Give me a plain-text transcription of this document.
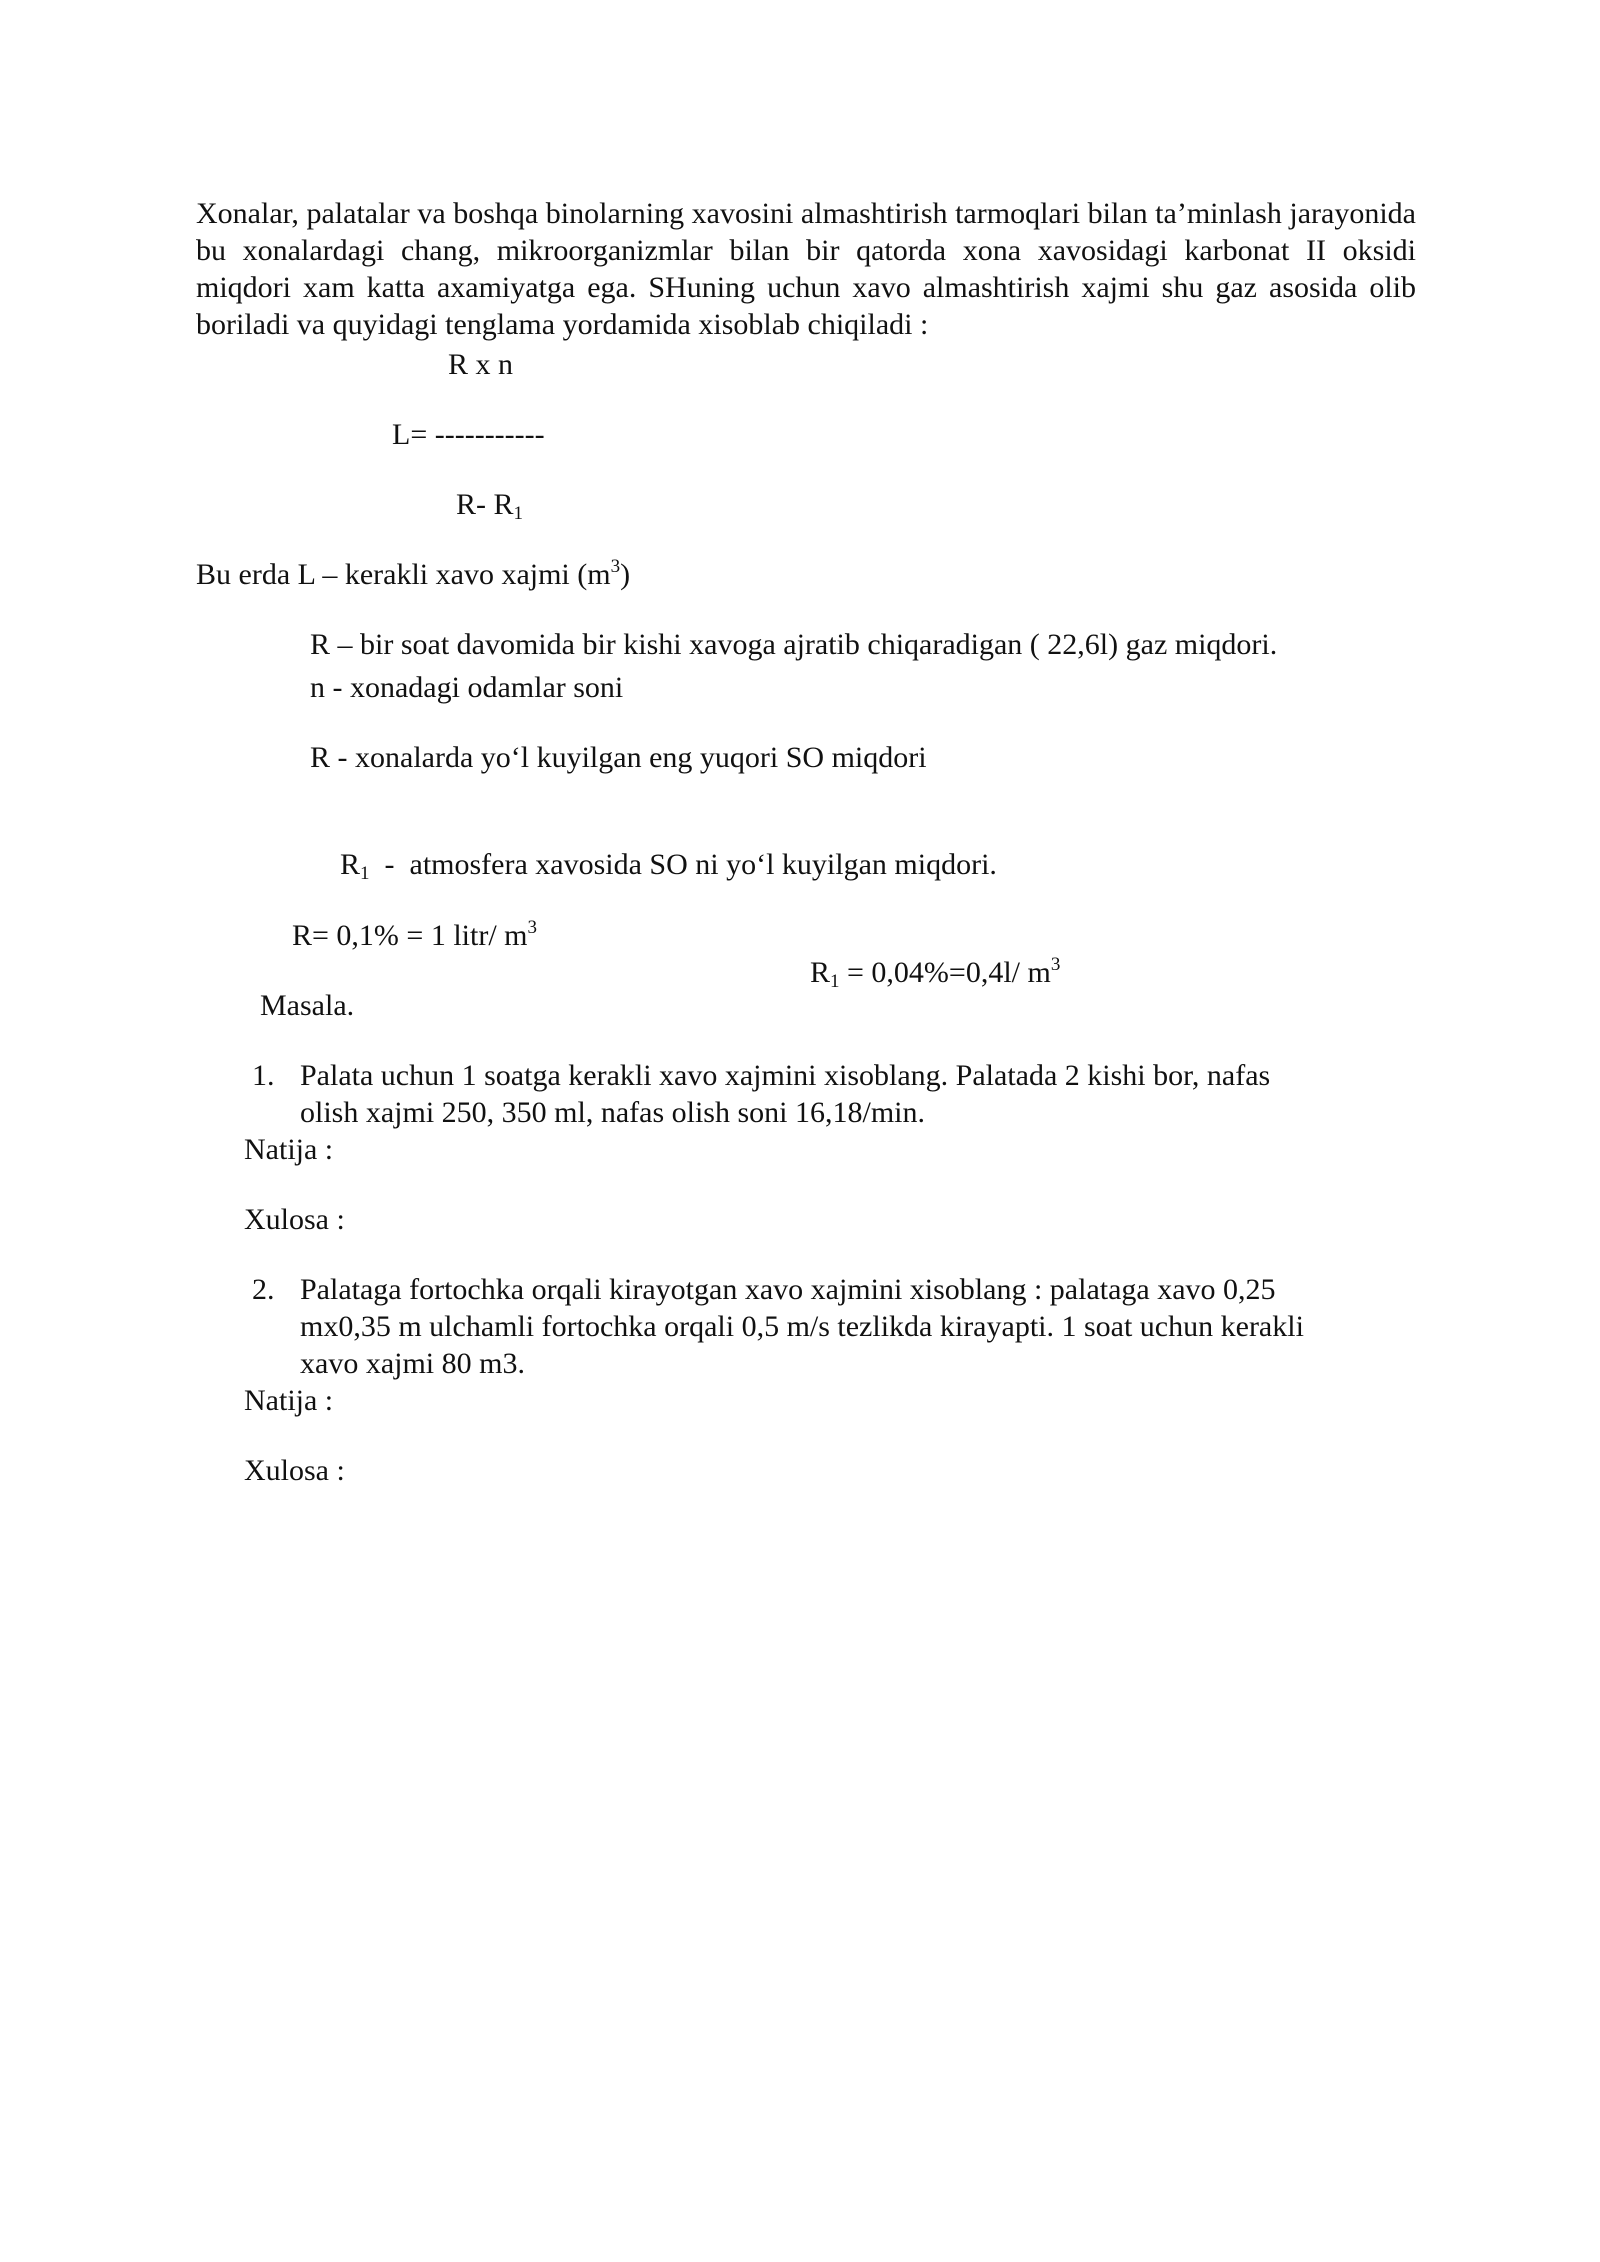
Xonalar, palatalar va boshqa binolarning xavosini almashtirish tarmoqlari bilan ta’minlash jarayonida bu xonalardagi chang, mikroorganizmlar bilan bir qatorda xona xavosidagi karbonat II oksidi miqdori xam katta axamiyatga ega. SHuning uchun xavo almashtirish xajmi shu gaz asosida olib boriladi va quyidagi tenglama yordamida xisoblab chiqiladi :

R x n
L= -----------
R- $R_1$
Bu erda L – kerakli xavo xajmi $(m^3)$
R – bir soat davomida bir kishi xavoga ajratib chiqaradigan ( 22,6l) gaz miqdori.
n - xonadagi odamlar soni
R - xonalarda yo‘l kuyilgan eng yuqori SO miqdori

$R_1$  -  atmosfera xavosida SO ni yo‘l kuyilgan miqdori.

R= 0,1% = 1 litr/ $m^3$

$R_1 = 0,04\%=0,4l/$ $m^3$

Masala.
1. Palata uchun 1 soatga kerakli xavo xajmini xisoblang. Palatada 2 kishi bor, nafas
olish xajmi 250, 350 ml, nafas olish soni 16,18/min.
Natija :
Xulosa :
2. Palataga fortochka orqali kirayotgan xavo xajmini xisoblang : palataga xavo 0,25
mx0,35 m ulchamli fortochka orqali 0,5 m/s tezlikda kirayapti. 1 soat uchun kerakli
xavo xajmi 80 m3.
Natija :
Xulosa :
